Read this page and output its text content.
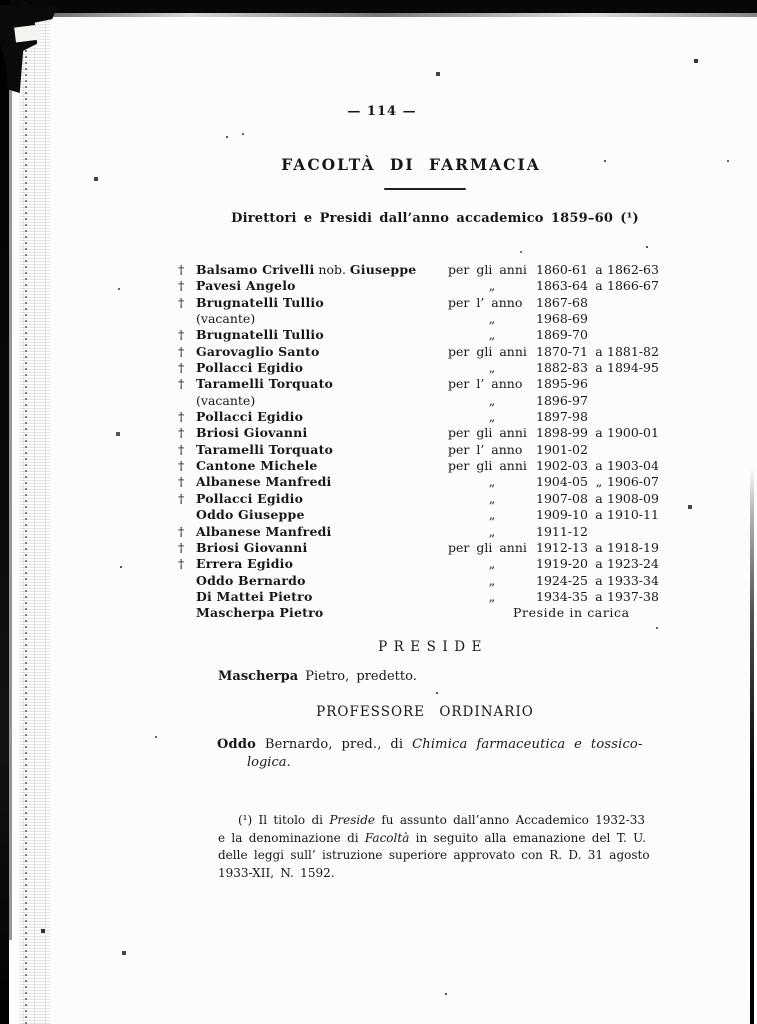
— 114 —
FACOLTÀ DI FARMACIA
Direttori e Presidi dall’anno accademico 1859–60 (¹)
† Balsamo Crivelli nob. Giuseppe	per gli anni 1860-61 a 1862-63
† Pavesi Angelo	„	1863-64 a 1866-67
† Brugnatelli Tullio	per l’ anno	1867-68
(vacante)	„	1968-69
† Brugnatelli Tullio	„	1869-70
† Garovaglio Santo	per gli anni 1870-71 a 1881-82
† Pollacci Egidio	„	1882-83 a 1894-95
† Taramelli Torquato	per l’ anno	1895-96
(vacante)	„	1896-97
† Pollacci Egidio	„	1897-98
† Briosi Giovanni	per gli anni 1898-99 a 1900-01
† Taramelli Torquato	per l’ anno	1901-02
† Cantone Michele	per gli anni 1902-03 a 1903-04
† Albanese Manfredi	„	1904-05 „ 1906-07
† Pollacci Egidio	„	1907-08 a 1908-09
Oddo Giuseppe	„	1909-10 a 1910-11
† Albanese Manfredi	„	1911-12
† Briosi Giovanni	per gli anni 1912-13 a 1918-19
† Errera Egidio	„	1919-20 a 1923-24
Oddo Bernardo	„	1924-25 a 1933-34
Di Mattei Pietro	„	1934-35 a 1937-38
Mascherpa Pietro	Preside in carica
PRESIDE

Mascherpa Pietro, predetto.

PROFESSORE ORDINARIO

Oddo Bernardo, pred., di Chimica farmaceutica e tossico-

logica.

(¹) Il titolo di Preside fu assunto dall’anno Accademico 1932-33

e la denominazione di Facoltà in seguito alla emanazione del T. U.

delle leggi sull’ istruzione superiore approvato con R. D. 31 agosto

1933-XII, N. 1592.
